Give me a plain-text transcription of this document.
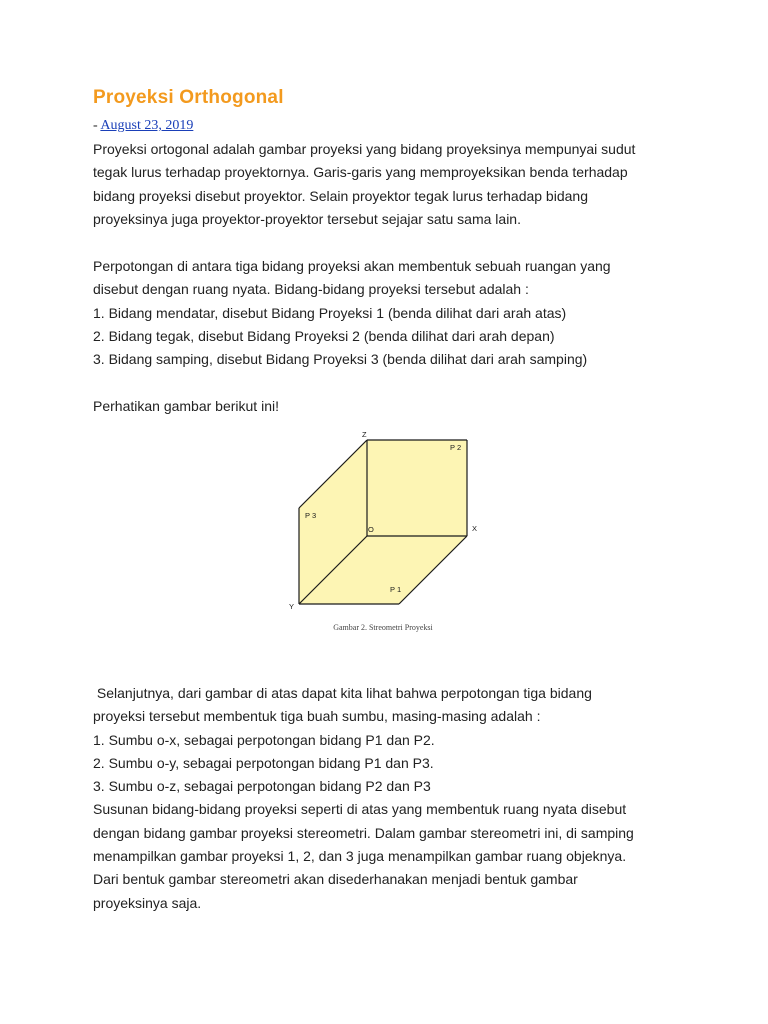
Proyeksi Orthogonal
- August 23, 2019

Proyeksi ortogonal adalah gambar proyeksi yang bidang proyeksinya mempunyai sudut
tegak lurus terhadap proyektornya. Garis-garis yang memproyeksikan benda terhadap
bidang proyeksi disebut proyektor. Selain proyektor tegak lurus terhadap bidang
proyeksinya juga proyektor-proyektor tersebut sejajar satu sama lain.

Perpotongan di antara tiga bidang proyeksi akan membentuk sebuah ruangan yang
disebut dengan ruang nyata. Bidang-bidang proyeksi tersebut adalah :
1. Bidang mendatar, disebut Bidang Proyeksi 1 (benda dilihat dari arah atas)
2. Bidang tegak, disebut Bidang Proyeksi 2 (benda dilihat dari arah depan)
3. Bidang samping, disebut Bidang Proyeksi 3 (benda dilihat dari arah samping)

Perhatikan gambar berikut ini!

Z
P 2
P 3
O	X
P 1
Y
Gambar 2. Streometri Proyeksi

Selanjutnya, dari gambar di atas dapat kita lihat bahwa perpotongan tiga bidang
proyeksi tersebut membentuk tiga buah sumbu, masing-masing adalah :
1. Sumbu o-x, sebagai perpotongan bidang P1 dan P2.
2. Sumbu o-y, sebagai perpotongan bidang P1 dan P3.
3. Sumbu o-z, sebagai perpotongan bidang P2 dan P3
Susunan bidang-bidang proyeksi seperti di atas yang membentuk ruang nyata disebut
dengan bidang gambar proyeksi stereometri. Dalam gambar stereometri ini, di samping
menampilkan gambar proyeksi 1, 2, dan 3 juga menampilkan gambar ruang objeknya.
Dari bentuk gambar stereometri akan disederhanakan menjadi bentuk gambar
proyeksinya saja.
